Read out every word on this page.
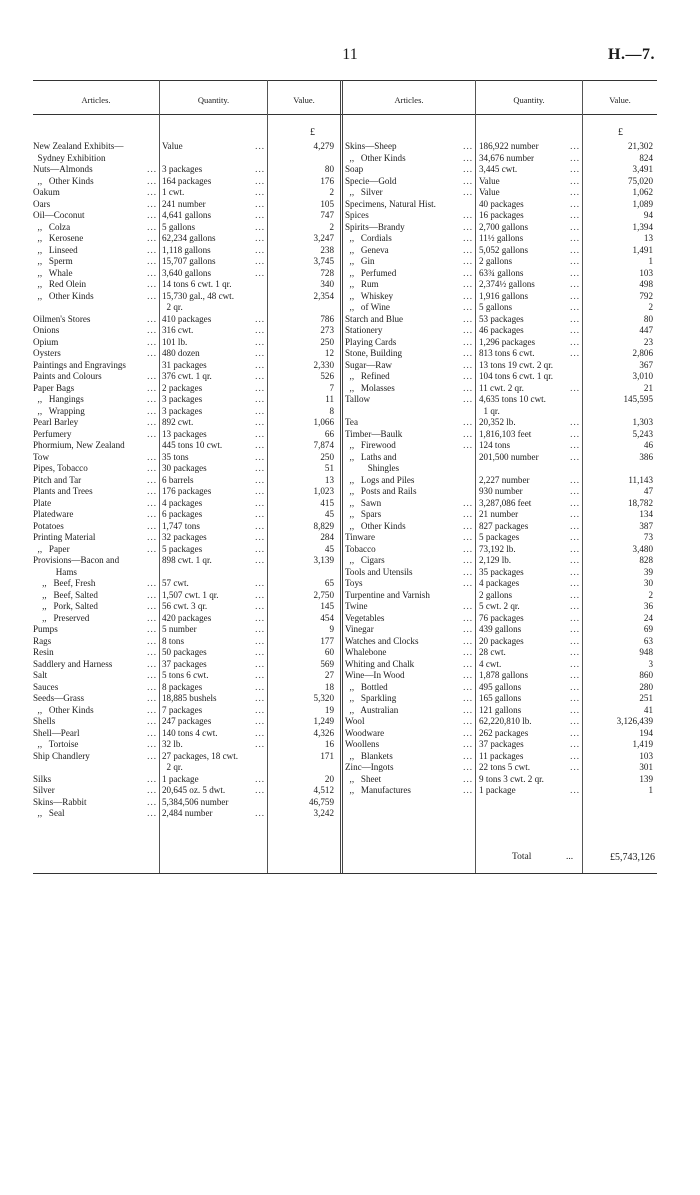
11	H.—7.
Articles.	Quantity.	Value.	Articles.	Quantity.	Value.
£	£
New Zealand Exhibits—	Value	...	4,279
Sydney Exhibition
Nuts—Almonds	... 3 packages	...	80
,,   Other Kinds	... 164 packages	...	176
Oakum	... 1 cwt.	...	2
Oars	... 241 number	...	105
Oil—Coconut	... 4,641 gallons	...	747
,,   Colza	... 5 gallons	...	2
,,   Kerosene	... 62,234 gallons	...	3,247
,,   Linseed	... 1,118 gallons	...	238
,,   Sperm	... 15,707 gallons	...	3,745
,,   Whale	... 3,640 gallons	...	728
,,   Red Olein	... 14 tons 6 cwt. 1 qr.	340
,,   Other Kinds	... 15,730 gal., 48 cwt.	2,354
2 qr.
Oilmen's Stores	... 410 packages	...	786
Onions	... 316 cwt.	...	273
Opium	... 101 lb.	...	250
Oysters	... 480 dozen	...	12
Paintings and Engravings	31 packages	...	2,330
Paints and Colours	... 376 cwt. 1 qr.	...	526
Paper Bags	... 2 packages	...	7
,,   Hangings	... 3 packages	...	11
,,   Wrapping	... 3 packages	...	8
Pearl Barley	... 892 cwt.	...	1,066
Perfumery	... 13 packages	...	66
Phormium, New Zealand	445 tons 10 cwt.	...	7,874
Tow	... 35 tons	...	250
Pipes, Tobacco	... 30 packages	...	51
Pitch and Tar	... 6 barrels	...	13
Plants and Trees	... 176 packages	...	1,023
Plate	... 4 packages	...	415
Platedware	... 6 packages	...	45
Potatoes	... 1,747 tons	...	8,829
Printing Material	... 32 packages	...	284
,,   Paper	... 5 packages	...	45
Provisions—Bacon and	898 cwt. 1 qr.	...	3,139
Hams
,,   Beef, Fresh	... 57 cwt.	...	65
,,   Beef, Salted	... 1,507 cwt. 1 qr.	...	2,750
,,   Pork, Salted	... 56 cwt. 3 qr.	...	145
,,   Preserved	... 420 packages	...	454
Pumps	... 5 number	...	9
Rags	... 8 tons	...	177
Resin	... 50 packages	...	60
Saddlery and Harness	... 37 packages	...	569
Salt	... 5 tons 6 cwt.	...	27
Sauces	... 8 packages	...	18
Seeds—Grass	... 18,885 bushels	...	5,320
,,   Other Kinds	... 7 packages	...	19
Shells	... 247 packages	...	1,249
Shell—Pearl	... 140 tons 4 cwt.	...	4,326
,,   Tortoise	... 32 lb.	...	16
Ship Chandlery	... 27 packages, 18 cwt.	171
2 qr.
Silks	... 1 package	...	20
Silver	... 20,645 oz. 5 dwt.	...	4,512
Skins—Rabbit	... 5,384,506 number	46,759
,,   Seal	... 2,484 number	...	3,242
Skins—Sheep	... 186,922 number	...	21,302
,,   Other Kinds	... 34,676 number	...	824
Soap	... 3,445 cwt.	...	3,491
Specie—Gold	... Value	...	75,020
,,   Silver	... Value	...	1,062
Specimens, Natural Hist.	40 packages	...	1,089
Spices	... 16 packages	...	94
Spirits—Brandy	... 2,700 gallons	...	1,394
,,   Cordials	... 11½ gallons	...	13
,,   Geneva	... 5,052 gallons	...	1,491
,,   Gin	... 2 gallons	...	1
,,   Perfumed	... 63¾ gallons	...	103
,,   Rum	... 2,374½ gallons	...	498
,,   Whiskey	... 1,916 gallons	...	792
,,   of Wine	... 5 gallons	...	2
Starch and Blue	... 53 packages	...	80
Stationery	... 46 packages	...	447
Playing Cards	... 1,296 packages	...	23
Stone, Building	... 813 tons 6 cwt.	...	2,806
Sugar—Raw	... 13 tons 19 cwt. 2 qr.	367
,,   Refined	... 104 tons 6 cwt. 1 qr.	3,010
,,   Molasses	... 11 cwt. 2 qr.	...	21
Tallow	... 4,635 tons 10 cwt.	145,595
1 qr.
Tea	... 20,352 lb.	...	1,303
Timber—Baulk	... 1,816,103 feet	...	5,243
,,   Firewood	... 124 tons	...	46
,,   Laths and	201,500 number	...	386
Shingles
,,   Logs and Piles	2,227 number	...	11,143
,,   Posts and Rails	930 number	...	47
,,   Sawn	... 3,287,086 feet	...	18,782
,,   Spars	... 21 number	...	134
,,   Other Kinds	... 827 packages	...	387
Tinware	... 5 packages	...	73
Tobacco	... 73,192 lb.	...	3,480
,,   Cigars	... 2,129 lb.	...	828
Tools and Utensils	... 35 packages	...	39
Toys	... 4 packages	...	30
Turpentine and Varnish	2 gallons	...	2
Twine	... 5 cwt. 2 qr.	...	36
Vegetables	... 76 packages	...	24
Vinegar	... 439 gallons	...	69
Watches and Clocks	... 20 packages	...	63
Whalebone	... 28 cwt.	...	948
Whiting and Chalk	... 4 cwt.	...	3
Wine—In Wood	... 1,878 gallons	...	860
,,   Bottled	... 495 gallons	...	280
,,   Sparkling	... 165 gallons	...	251
,,   Australian	... 121 gallons	...	41
Wool	... 62,220,810 lb.	...	3,126,439
Woodware	... 262 packages	...	194
Woollens	... 37 packages	...	1,419
,,   Blankets	... 11 packages	...	103
Zinc—Ingots	... 22 tons 5 cwt.	...	301
,,   Sheet	... 9 tons 3 cwt. 2 qr.	139
,,   Manufactures	... 1 package	...	1
Total	...	£5,743,126
